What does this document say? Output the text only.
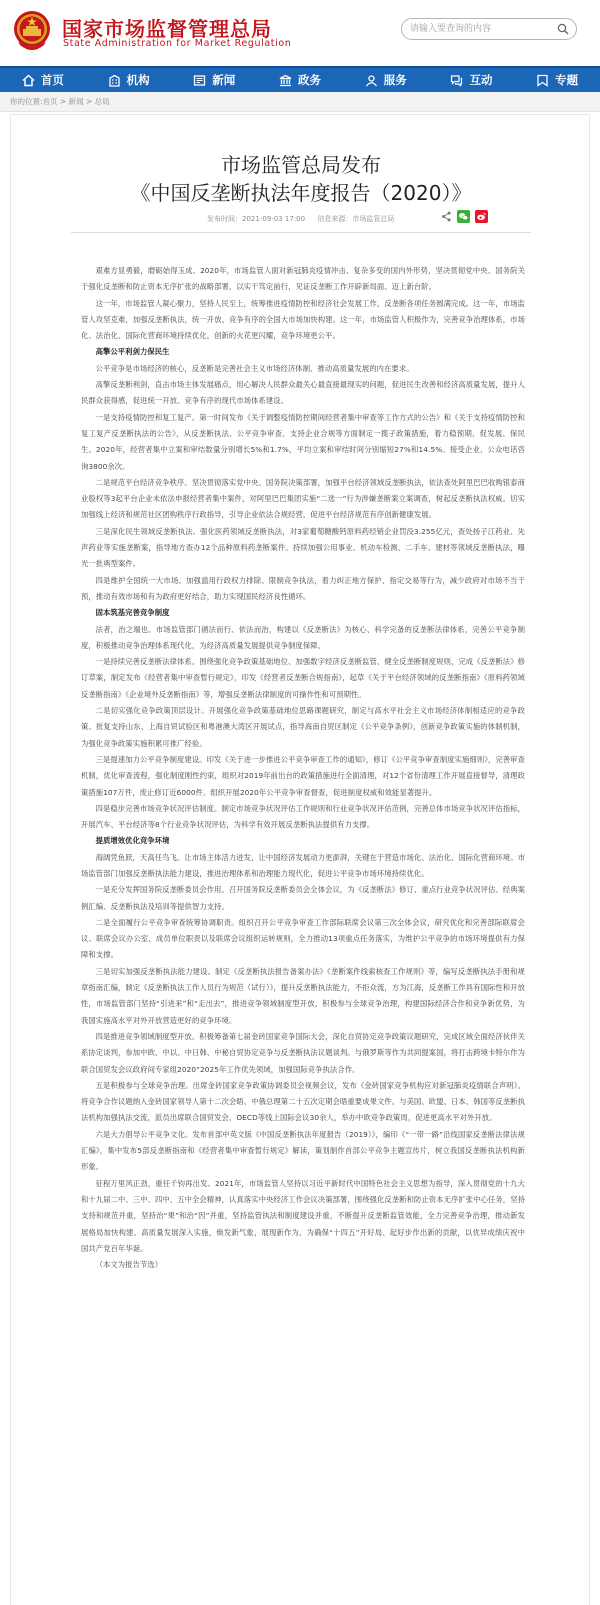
国家市场监督管理总局
State Administration for Market Regulation
请输入要查询的内容
首页	机构	新闻	政务	服务	互动	专题
你的位置:首页 > 新闻 > 总局
市场监管总局发布
《中国反垄断执法年度报告（2020）》
发布时间：2021-09-03 17:00 信息来源：市场监管总局

艰难方显勇毅，磨砺始得玉成。2020年，市场监管人面对新冠肺炎疫情冲击、复杂多变的国内外形势，坚决贯彻党中央、国务院关于强化反垄断和防止资本无序扩张的战略部署，以实干笃定前行，见证反垄断工作开辟新局面、迈上新台阶。

这一年，市场监管人凝心聚力，坚持人民至上，统筹推进疫情防控和经济社会发展工作，反垄断各项任务圆满完成。这一年，市场监管人攻坚克难，加强反垄断执法，统一开放、竞争有序的全国大市场加快构建。这一年，市场监管人积极作为，完善竞争治理体系，市场化、法治化、国际化营商环境持续优化，创新的火花更闪耀，竞争环境更公平。

高擎公平利剑力保民生

公平竞争是市场经济的核心，反垄断是完善社会主义市场经济体制、推动高质量发展的内在要求。

高擎反垄断利剑，直击市场主体发展痛点，用心解决人民群众最关心最直接最现实的问题，促进民生改善和经济高质量发展，提升人民群众获得感，促进统一开放、竞争有序的现代市场体系建设。

一是支持疫情防控和复工复产。第一时间发布《关于调整疫情防控期间经营者集中审查等工作方式的公告》和《关于支持疫情防控和复工复产反垄断执法的公告》，从反垄断执法、公平竞争审查、支持企业合规等方面制定一揽子政策措施，着力稳预期、促发展、保民生。2020年，经营者集中立案和审结数量分别增长5%和1.7%，平均立案和审结时间分别缩短27%和14.5%。接受企业、公众电话咨询3800余次。

二是规范平台经济竞争秩序。坚决贯彻落实党中央、国务院决策部署，加强平台经济领域反垄断执法，依法查处阿里巴巴收购银泰商业股权等3起平台企业未依法申报经营者集中案件，对阿里巴巴集团实施“二选一”行为涉嫌垄断案立案调查，树起反垄断执法权威。切实加强线上经济和规范社区团购秩序行政指导，引导企业依法合规经营，促进平台经济规范有序创新健康发展。

三是深化民生领域反垄断执法。强化医药领域反垄断执法，对3家葡萄糖酸钙原料药经销企业罚没3.255亿元，查处扬子江药业、先声药业等实施垄断案，指导地方查办12个品种原料药垄断案件。持续加强公用事业、机动车检测、二手车、建材等领域反垄断执法，曝光一批典型案件。

四是维护全国统一大市场。加强滥用行政权力排除、限制竞争执法，着力纠正地方保护、指定交易等行为，减少政府对市场不当干预，推动有效市场和有为政府更好结合，助力实现国民经济良性循环。

固本筑基完善竞争制度

法者，治之端也。市场监管部门循法而行、依法而治，构建以《反垄断法》为核心、科学完备的反垄断法律体系，完善公平竞争制度，积极推动竞争治理体系现代化，为经济高质量发展提供竞争制度保障。

一是持续完善反垄断法律体系。围绕强化竞争政策基础地位、加强数字经济反垄断监管、健全反垄断制度规则，完成《反垄断法》修订草案，制定发布《经营者集中审查暂行规定》，印发《经营者反垄断合规指南》，起草《关于平台经济领域的反垄断指南》《原料药领域反垄断指南》《企业境外反垄断指南》等，增强反垄断法律制度的可操作性和可预期性。

二是切实强化竞争政策顶层设计。开展强化竞争政策基础地位思路课题研究，制定与高水平社会主义市场经济体制相适应的竞争政策。批复支持山东、上海自贸试验区和粤港澳大湾区开展试点，指导海南自贸区制定《公平竞争条例》，创新竞争政策实施的体制机制，为强化竞争政策实施积累可推广经验。

三是提速加力公平竞争制度建设。印发《关于进一步推进公平竞争审查工作的通知》，修订《公平竞争审查制度实施细则》，完善审查机制，优化审查流程，强化制度刚性约束，组织对2019年前出台的政策措施进行全面清理，对12个省份清理工作开展直接督导，清理政策措施107万件，废止修订近6000件。组织开展2020年公平竞争审查督查，促进制度权威和效能显著提升。

四是稳步完善市场竞争状况评估制度。制定市场竞争状况评估工作规则和行业竞争状况评估范例，完善总体市场竞争状况评估指标，开展汽车、平台经济等8个行业竞争状况评估，为科学有效开展反垄断执法提供有力支撑。

提质增效优化竞争环境

海阔凭鱼跃，天高任鸟飞。让市场主体活力迸发，让中国经济发展动力更澎湃，关键在于营造市场化、法治化、国际化营商环境。市场监管部门加强反垄断执法能力建设，推进治理体系和治理能力现代化，促进公平竞争市场环境持续优化。

一是充分发挥国务院反垄断委员会作用。召开国务院反垄断委员会全体会议，为《反垄断法》修订、重点行业竞争状况评估、经典案例汇编、反垄断执法及培训等提供智力支持。

二是全面履行公平竞争审查统筹协调职责。组织召开公平竞争审查工作部际联席会议第三次全体会议，研究优化和完善部际联席会议、联席会议办公室、成员单位职责以及联席会议组织运转规则，全力推动13项重点任务落实，为维护公平竞争的市场环境提供有力保障和支撑。

三是切实加强反垄断执法能力建设。制定《反垄断执法报告备案办法》《垄断案件线索核查工作规则》等，编写反垄断执法手册和规章指南汇编，制定《反垄断执法工作人员行为规范（试行）》，提升反垄断执法能力，不拒众流，方为江海，反垄断工作具有国际性和开放性，市场监管部门坚持“引进来”和“走出去”，推进竞争领域制度型开放，积极参与全球竞争治理，构建国际经济合作和竞争新优势，为我国实施高水平对外开放营造更好的竞争环境。

四是推进竞争领域制度型开放。积极筹备第七届金砖国家竞争国际大会，深化自贸协定竞争政策议题研究，完成区域全面经济伙伴关系协定谈判，参加中欧、中以、中日韩、中秘自贸协定竞争与反垄断执法议题谈判。与俄罗斯等作为共同提案国，将打击跨境卡特尔作为联合国贸发会议政府间专家组2020“2025年工作优先领域，加强国际竞争执法合作。

五是积极参与全球竞争治理。出席金砖国家竞争政策协调委员会视频会议，发布《金砖国家竞争机构应对新冠肺炎疫情联合声明》。将竞争合作议题纳入金砖国家领导人第十二次会晤、中俄总理第二十五次定期会晤重要成果文件。与美国、欧盟、日本、韩国等反垄断执法机构加强执法交流，派员出席联合国贸发会、OECD等线上国际会议30余人，举办中欧竞争政策周，促进更高水平对外开放。

六是大力倡导公平竞争文化。发布首部中英文版《中国反垄断执法年度报告（2019）》，编印《“一带一路”沿线国家反垄断法律法规汇编》，集中发布5部反垄断指南和《经营者集中审查暂行规定》解读，策划制作首部公平竞争主题宣传片，树立我国反垄断执法机构新形象。

征程万里风正劲，重任千钧再出发。2021年，市场监管人坚持以习近平新时代中国特色社会主义思想为指导，深入贯彻党的十九大和十九届二中、三中、四中、五中全会精神，认真落实中央经济工作会议决策部署，围绕强化反垄断和防止资本无序扩张中心任务，坚持支持和规范并重，坚持治“果”和治“因”并重，坚持监管执法和制度建设并重，不断提升反垄断监管效能，全力完善竞争治理，推动新发展格局加快构建、高质量发展深入实施，焕发新气象，展现新作为，为确保“十四五”开好局、起好步作出新的贡献，以优异成绩庆祝中国共产党百年华诞。

（本文为报告节选）
